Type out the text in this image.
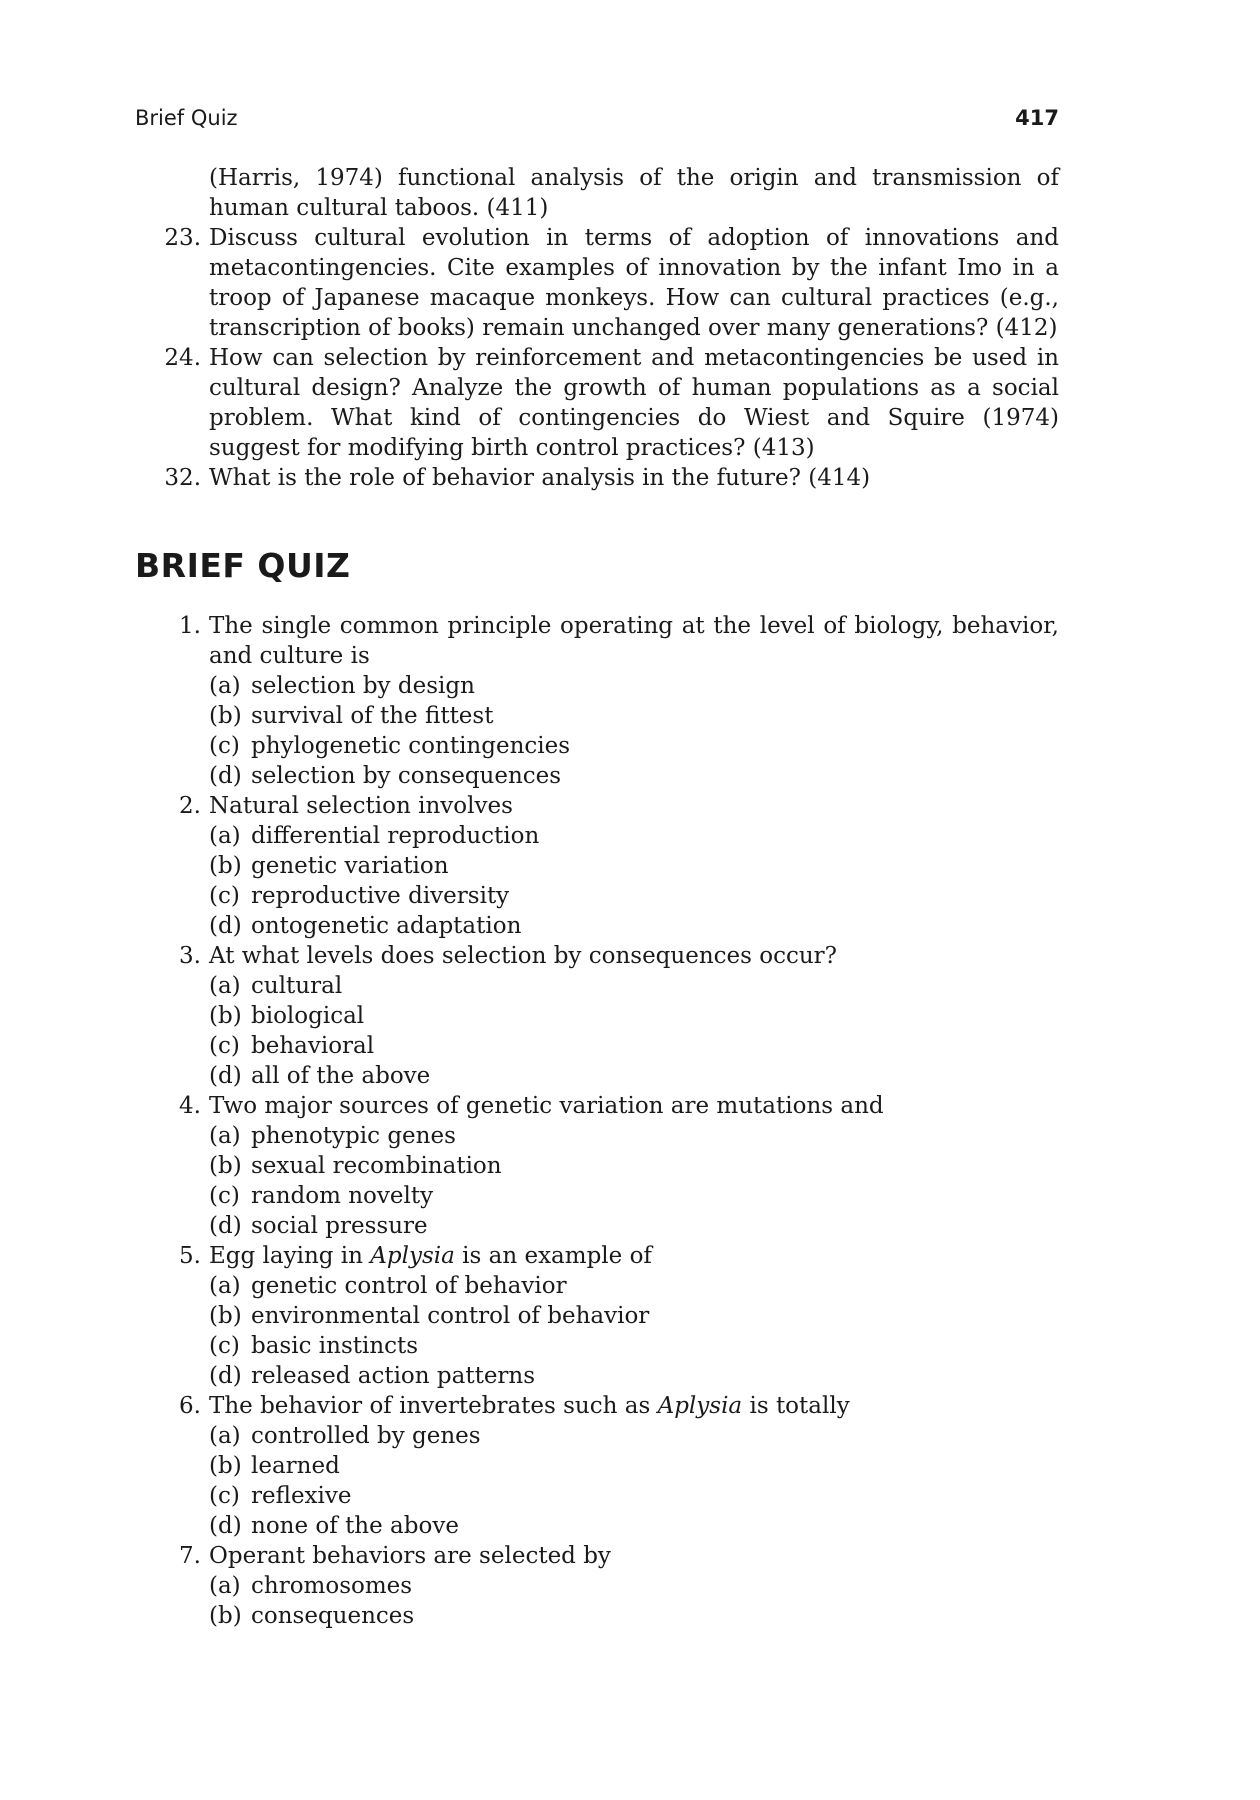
Brief Quiz	417
(Harris, 1974) functional analysis of the origin and transmission of human cultural taboos. (411)
23. Discuss cultural evolution in terms of adoption of innovations and metacontingencies. Cite examples of innovation by the infant Imo in a troop of Japanese macaque monkeys. How can cultural practices (e.g., transcription of books) remain unchanged over many generations? (412)
24. How can selection by reinforcement and metacontingencies be used in cultural design? Analyze the growth of human populations as a social problem. What kind of contingencies do Wiest and Squire (1974) suggest for modifying birth control practices? (413)
32. What is the role of behavior analysis in the future? (414)
BRIEF QUIZ
1. The single common principle operating at the level of biology, behavior, and culture is
(a) selection by design
(b) survival of the fittest
(c) phylogenetic contingencies
(d) selection by consequences
2. Natural selection involves
(a) differential reproduction
(b) genetic variation
(c) reproductive diversity
(d) ontogenetic adaptation
3. At what levels does selection by consequences occur?
(a) cultural
(b) biological
(c) behavioral
(d) all of the above
4. Two major sources of genetic variation are mutations and
(a) phenotypic genes
(b) sexual recombination
(c) random novelty
(d) social pressure
5. Egg laying in Aplysia is an example of
(a) genetic control of behavior
(b) environmental control of behavior
(c) basic instincts
(d) released action patterns
6. The behavior of invertebrates such as Aplysia is totally
(a) controlled by genes
(b) learned
(c) reflexive
(d) none of the above
7. Operant behaviors are selected by
(a) chromosomes
(b) consequences
